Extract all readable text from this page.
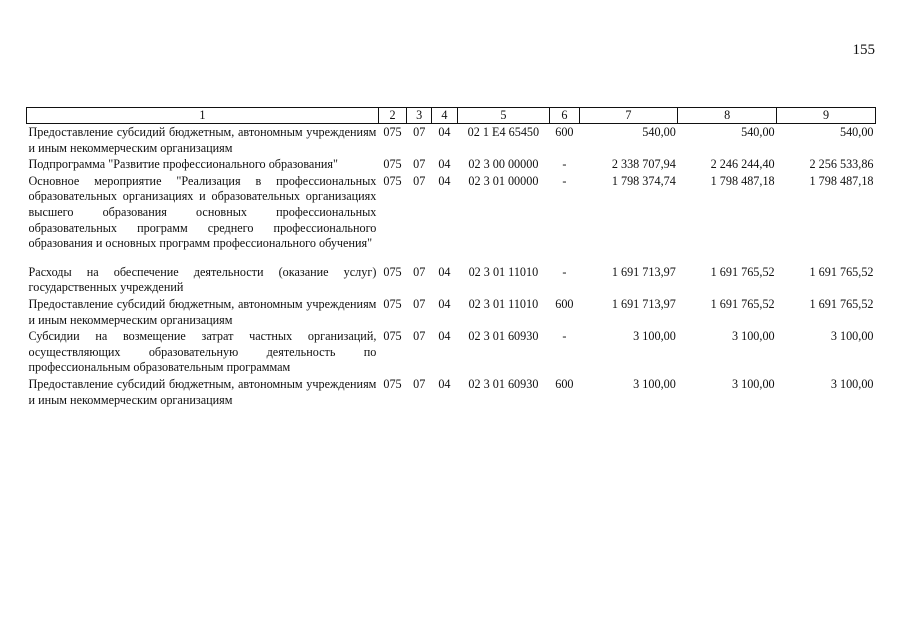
155
1	2	3	4	5	6	7	8	9
Предоставление субсидий бюджетным, автономным учреждениям и иным некоммерческим организациям	075	07	04	02 1 E4 65450	600	540,00	540,00	540,00
Подпрограмма "Развитие профессионального образования"	075	07	04	02 3 00 00000	-	2 338 707,94	2 246 244,40	2 256 533,86
Основное мероприятие "Реализация в профессиональных образовательных организациях и образовательных организациях высшего образования основных профессиональных образовательных программ среднего профессионального образования и основных программ профессионального обучения"	075	07	04	02 3 01 00000	-	1 798 374,74	1 798 487,18	1 798 487,18
Расходы на обеспечение деятельности (оказание услуг) государственных учреждений	075	07	04	02 3 01 11010	-	1 691 713,97	1 691 765,52	1 691 765,52
Предоставление субсидий бюджетным, автономным учреждениям и иным некоммерческим организациям	075	07	04	02 3 01 11010	600	1 691 713,97	1 691 765,52	1 691 765,52
Субсидии на возмещение затрат частных организаций, осуществляющих образовательную деятельность по профессиональным образовательным программам	075	07	04	02 3 01 60930	-	3 100,00	3 100,00	3 100,00
Предоставление субсидий бюджетным, автономным учреждениям и иным некоммерческим организациям	075	07	04	02 3 01 60930	600	3 100,00	3 100,00	3 100,00
